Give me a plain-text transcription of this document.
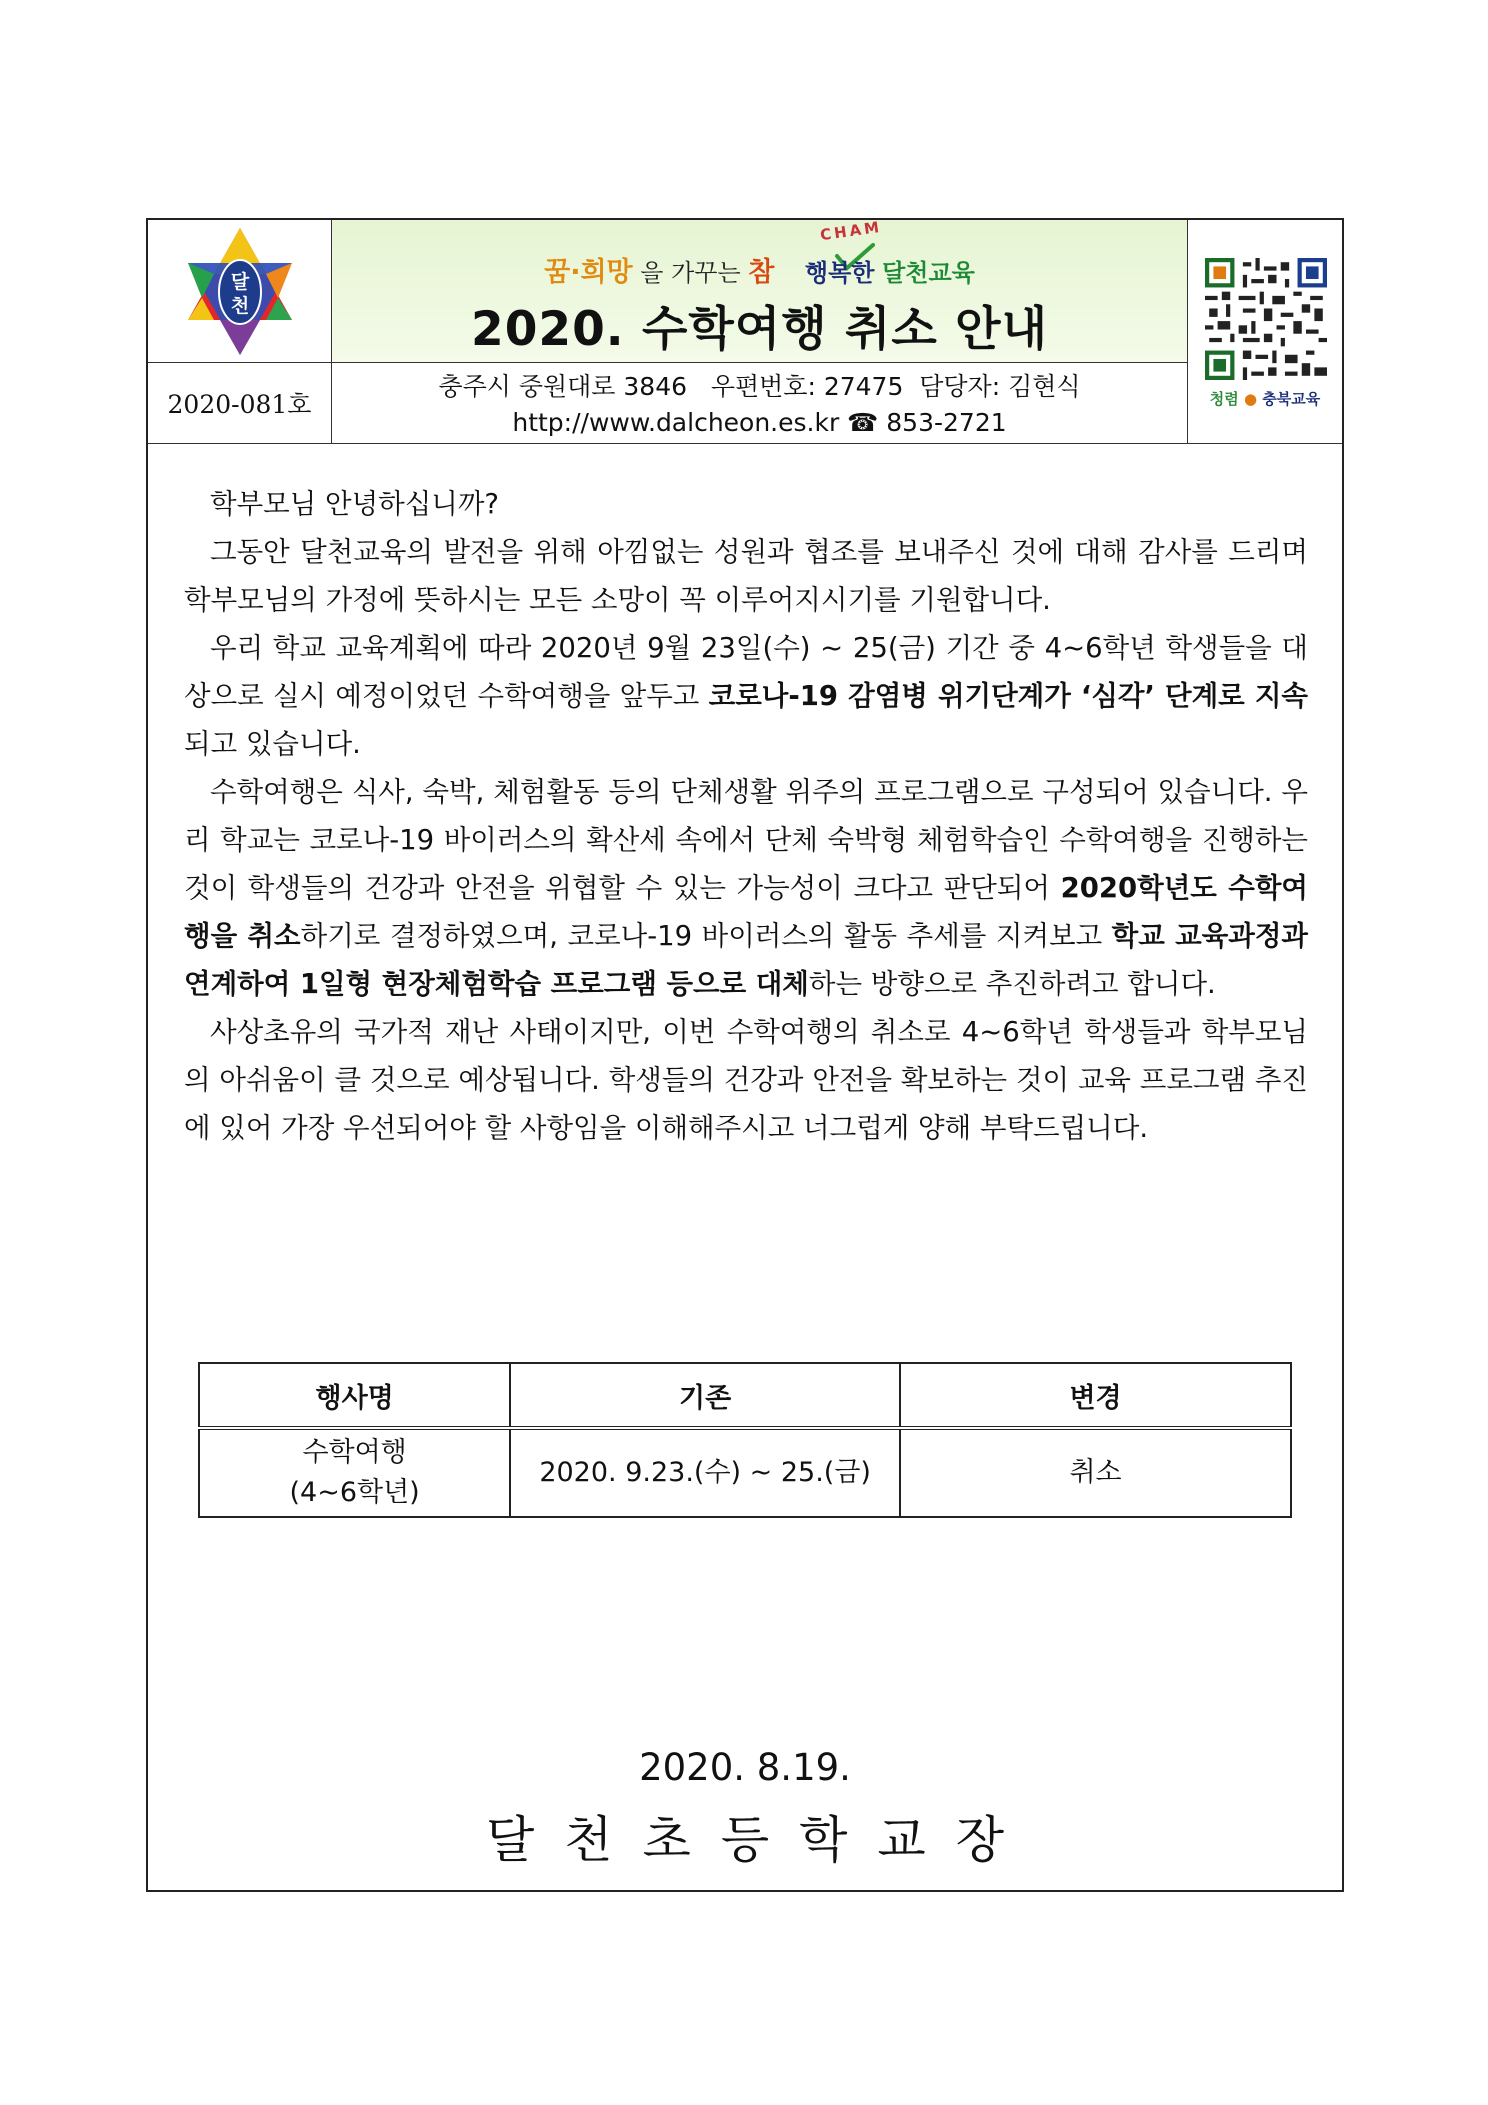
달
천
2020-081호
CHAM
꿈·희망 을 가꾸는 참 행복한 달천교육
2020. 수학여행 취소 안내
충주시 중원대로 3846   우편번호: 27475  담당자: 김현식
http://www.dalcheon.es.kr ☎ 853-2721
청렴 ● 충북교육

학부모님 안녕하십니까?

그동안 달천교육의 발전을 위해 아낌없는 성원과 협조를 보내주신 것에 대해 감사를 드리며 학부모님의 가정에 뜻하시는 모든 소망이 꼭 이루어지시기를 기원합니다.

우리 학교 교육계획에 따라 2020년 9월 23일(수) ~ 25(금) 기간 중 4~6학년 학생들을 대상으로 실시 예정이었던 수학여행을 앞두고 코로나-19 감염병 위기단계가 ‘심각’ 단계로 지속되고 있습니다.

수학여행은 식사, 숙박, 체험활동 등의 단체생활 위주의 프로그램으로 구성되어 있습니다. 우리 학교는 코로나-19 바이러스의 확산세 속에서 단체 숙박형 체험학습인 수학여행을 진행하는 것이 학생들의 건강과 안전을 위협할 수 있는 가능성이 크다고 판단되어 2020학년도 수학여행을 취소하기로 결정하였으며, 코로나-19 바이러스의 활동 추세를 지켜보고 학교 교육과정과 연계하여 1일형 현장체험학습 프로그램 등으로 대체하는 방향으로 추진하려고 합니다.

사상초유의 국가적 재난 사태이지만, 이번 수학여행의 취소로 4~6학년 학생들과 학부모님의 아쉬움이 클 것으로 예상됩니다. 학생들의 건강과 안전을 확보하는 것이 교육 프로그램 추진에 있어 가장 우선되어야 할 사항임을 이해해주시고 너그럽게 양해 부탁드립니다.

행사명	기존	변경

수학여행
(4~6학년)	2020. 9.23.(수) ~ 25.(금)	취소
2020. 8.19.
달천초등학교장
